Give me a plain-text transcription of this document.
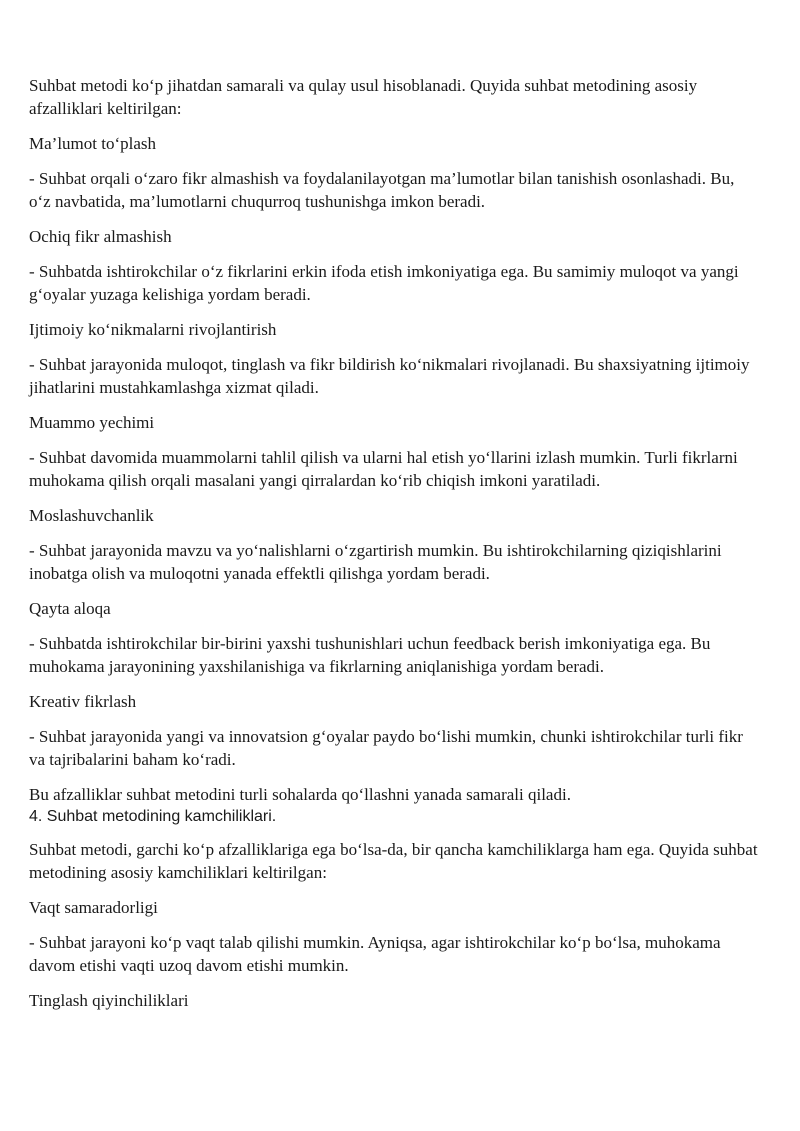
Suhbat metodi ko‘p jihatdan samarali va qulay usul hisoblanadi. Quyida suhbat metodining asosiy afzalliklari keltirilgan:

Ma’lumot to‘plash

- Suhbat orqali o‘zaro fikr almashish va foydalanilayotgan ma’lumotlar bilan tanishish osonlashadi. Bu, o‘z navbatida, ma’lumotlarni chuqurroq tushunishga imkon beradi.

Ochiq fikr almashish

- Suhbatda ishtirokchilar o‘z fikrlarini erkin ifoda etish imkoniyatiga ega. Bu samimiy muloqot va yangi g‘oyalar yuzaga kelishiga yordam beradi.

Ijtimoiy ko‘nikmalarni rivojlantirish

- Suhbat jarayonida muloqot, tinglash va fikr bildirish ko‘nikmalari rivojlanadi. Bu shaxsiyatning ijtimoiy jihatlarini mustahkamlashga xizmat qiladi.

Muammo yechimi

- Suhbat davomida muammolarni tahlil qilish va ularni hal etish yo‘llarini izlash mumkin. Turli fikrlarni muhokama qilish orqali masalani yangi qirralardan ko‘rib chiqish imkoni yaratiladi.

Moslashuvchanlik

- Suhbat jarayonida mavzu va yo‘nalishlarni o‘zgartirish mumkin. Bu ishtirokchilarning qiziqishlarini inobatga olish va muloqotni yanada effektli qilishga yordam beradi.

Qayta aloqa

- Suhbatda ishtirokchilar bir-birini yaxshi tushunishlari uchun feedback berish imkoniyatiga ega. Bu muhokama jarayonining yaxshilanishiga va fikrlarning aniqlanishiga yordam beradi.

Kreativ fikrlash

- Suhbat jarayonida yangi va innovatsion g‘oyalar paydo bo‘lishi mumkin, chunki ishtirokchilar turli fikr va tajribalarini baham ko‘radi.

Bu afzalliklar suhbat metodini turli sohalarda qo‘llashni yanada samarali qiladi.

4. Suhbat metodining kamchiliklari.

Suhbat metodi, garchi ko‘p afzalliklariga ega bo‘lsa-da, bir qancha kamchiliklarga ham ega. Quyida suhbat metodining asosiy kamchiliklari keltirilgan:

Vaqt samaradorligi

- Suhbat jarayoni ko‘p vaqt talab qilishi mumkin. Ayniqsa, agar ishtirokchilar ko‘p bo‘lsa, muhokama davom etishi vaqti uzoq davom etishi mumkin.

Tinglash qiyinchiliklari
